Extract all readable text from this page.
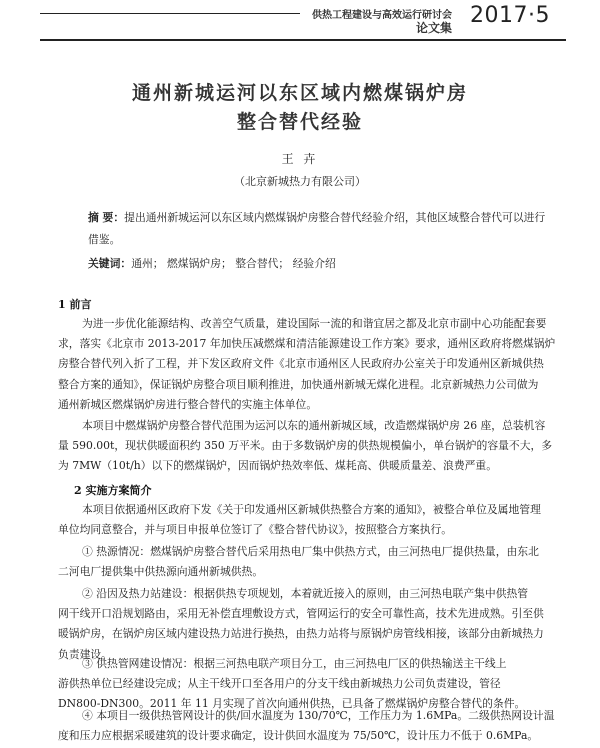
供热工程建设与高效运行研讨会
论文集 2017·5
通州新城运河以东区域内燃煤锅炉房
整合替代经验
王 卉
（北京新城热力有限公司）
摘 要：提出通州新城运河以东区域内燃煤锅炉房整合替代经验介绍，其他区域整合替代可以进行
借鉴。
关键词：通州； 燃煤锅炉房； 整合替代； 经验介绍
1 前言
为进一步优化能源结构、改善空气质量，建设国际一流的和谐宜居之都及北京市副中心功能配套要
求，落实《北京市 2013-2017 年加快压减燃煤和清洁能源建设工作方案》要求，通州区政府将燃煤锅炉
房整合替代列入折了工程，并下发区政府文件《北京市通州区人民政府办公室关于印发通州区新城供热
整合方案的通知》，保证锅炉房整合项目顺利推进，加快通州新城无煤化进程。北京新城热力公司做为
通州新城区燃煤锅炉房进行整合替代的实施主体单位。
本项目中燃煤锅炉房整合替代范围为运河以东的通州新城区域，改造燃煤锅炉房 26 座，总装机容
量 590.00t，现状供暖面积约 350 万平米。由于多数锅炉房的供热规模偏小，单台锅炉的容量不大，多
为 7MW（10t/h）以下的燃煤锅炉，因而锅炉热效率低、煤耗高、供暖质量差、浪费严重。
2 实施方案简介
本项目依据通州区政府下发《关于印发通州区新城供热整合方案的通知》，被整合单位及属地管理
单位均同意整合，并与项目申报单位签订了《整合替代协议》，按照整合方案执行。
① 热源情况：燃煤锅炉房整合替代后采用热电厂集中供热方式，由三河热电厂提供热量，由东北
二河电厂提供集中供热源向通州新城供热。
② 沿因及热力站建设：根据供热专项规划，本着就近接入的原则，由三河热电联产集中供热管
网干线开口沿规划路由，采用无补偿直埋敷设方式，管网运行的安全可靠性高，技术先进成熟。引至供
暖锅炉房，在锅炉房区域内建设热力站进行换热，由热力站将与原锅炉房管线相接，该部分由新城热力
负责建设。
③ 供热管网建设情况：根据三河热电联产项目分工，由三河热电厂区的供热输送主干线上
游供热单位已经建设完成；从主干线开口至各用户的分支干线由新城热力公司负责建设，管径
DN800-DN300。2011 年 11 月实现了首次向通州供热，已具备了燃煤锅炉房整合替代的条件。
④ 本项目一级供热管网设计的供/回水温度为 130/70℃，工作压力为 1.6MPa。二级供热网设计温
度和压力应根据采暖建筑的设计要求确定，设计供回水温度为 75/50℃，设计压力不低于 0.6MPa。
